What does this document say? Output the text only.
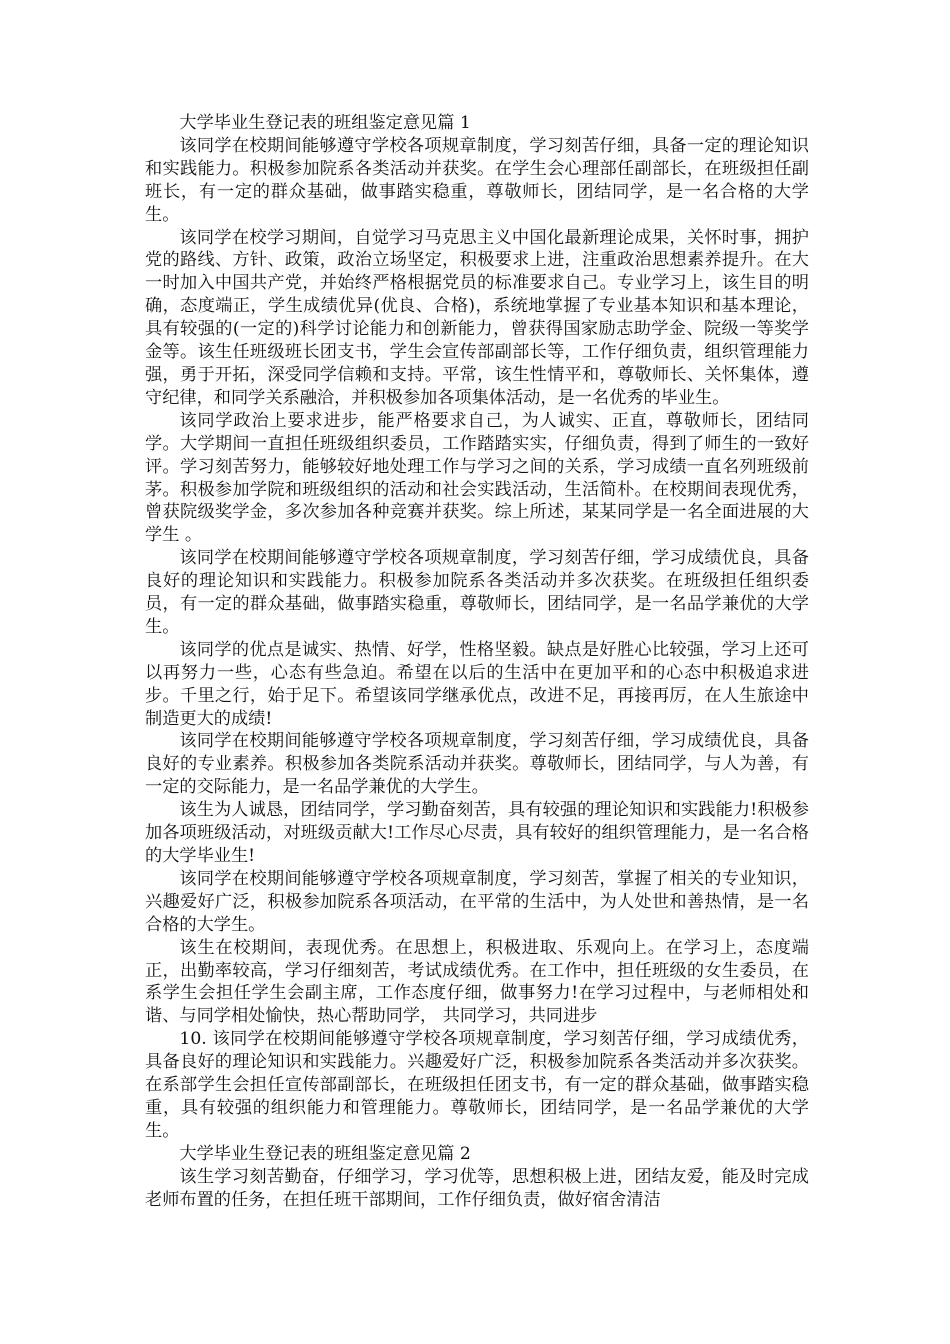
大学毕业生登记表的班组鉴定意见篇 1

该同学在校期间能够遵守学校各项规章制度，学习刻苦仔细，具备一定的理论知识和实践能力。积极参加院系各类活动并获奖。在学生会心理部任副部长，在班级担任副班长，有一定的群众基础，做事踏实稳重，尊敬师长，团结同学，是一名合格的大学生。

该同学在校学习期间，自觉学习马克思主义中国化最新理论成果，关怀时事，拥护党的路线、方针、政策，政治立场坚定，积极要求上进，注重政治思想素养提升。在大一时加入中国共产党，并始终严格根据党员的标准要求自己。专业学习上，该生目的明确，态度端正，学生成绩优异(优良、合格)，系统地掌握了专业基本知识和基本理论，具有较强的(一定的)科学讨论能力和创新能力，曾获得国家励志助学金、院级一等奖学金等。该生任班级班长团支书，学生会宣传部副部长等，工作仔细负责，组织管理能力强，勇于开拓，深受同学信赖和支持。平常，该生性情平和，尊敬师长、关怀集体，遵守纪律，和同学关系融洽，并积极参加各项集体活动，是一名优秀的毕业生。

该同学政治上要求进步，能严格要求自己，为人诚实、正直，尊敬师长，团结同学。大学期间一直担任班级组织委员，工作踏踏实实，仔细负责，得到了师生的一致好评。学习刻苦努力，能够较好地处理工作与学习之间的关系，学习成绩一直名列班级前茅。积极参加学院和班级组织的活动和社会实践活动，生活简朴。在校期间表现优秀，曾获院级奖学金，多次参加各种竞赛并获奖。综上所述，某某同学是一名全面进展的大学生 。

该同学在校期间能够遵守学校各项规章制度，学习刻苦仔细，学习成绩优良，具备良好的理论知识和实践能力。积极参加院系各类活动并多次获奖。在班级担任组织委员，有一定的群众基础，做事踏实稳重，尊敬师长，团结同学，是一名品学兼优的大学生。

该同学的优点是诚实、热情、好学，性格坚毅。缺点是好胜心比较强，学习上还可以再努力一些，心态有些急迫。希望在以后的生活中在更加平和的心态中积极追求进步。千里之行，始于足下。希望该同学继承优点，改进不足，再接再厉，在人生旅途中制造更大的成绩!

该同学在校期间能够遵守学校各项规章制度，学习刻苦仔细，学习成绩优良，具备良好的专业素养。积极参加各类院系活动并获奖。尊敬师长，团结同学，与人为善，有一定的交际能力，是一名品学兼优的大学生。

该生为人诚恳，团结同学，学习勤奋刻苦，具有较强的理论知识和实践能力!积极参加各项班级活动，对班级贡献大!工作尽心尽责，具有较好的组织管理能力，是一名合格的大学毕业生!

该同学在校期间能够遵守学校各项规章制度，学习刻苦，掌握了相关的专业知识，兴趣爱好广泛，积极参加院系各项活动，在平常的生活中，为人处世和善热情，是一名合格的大学生。

该生在校期间，表现优秀。在思想上，积极进取、乐观向上。在学习上，态度端正，出勤率较高，学习仔细刻苦，考试成绩优秀。在工作中，担任班级的女生委员，在系学生会担任学生会副主席，工作态度仔细，做事努力!在学习过程中，与老师相处和谐、与同学相处愉快，热心帮助同学， 共同学习，共同进步

10. 该同学在校期间能够遵守学校各项规章制度，学习刻苦仔细，学习成绩优秀，具备良好的理论知识和实践能力。兴趣爱好广泛，积极参加院系各类活动并多次获奖。在系部学生会担任宣传部副部长，在班级担任团支书，有一定的群众基础，做事踏实稳重，具有较强的组织能力和管理能力。尊敬师长，团结同学，是一名品学兼优的大学生。

大学毕业生登记表的班组鉴定意见篇 2

该生学习刻苦勤奋，仔细学习，学习优等，思想积极上进，团结友爱，能及时完成老师布置的任务，在担任班干部期间，工作仔细负责，做好宿舍清洁
